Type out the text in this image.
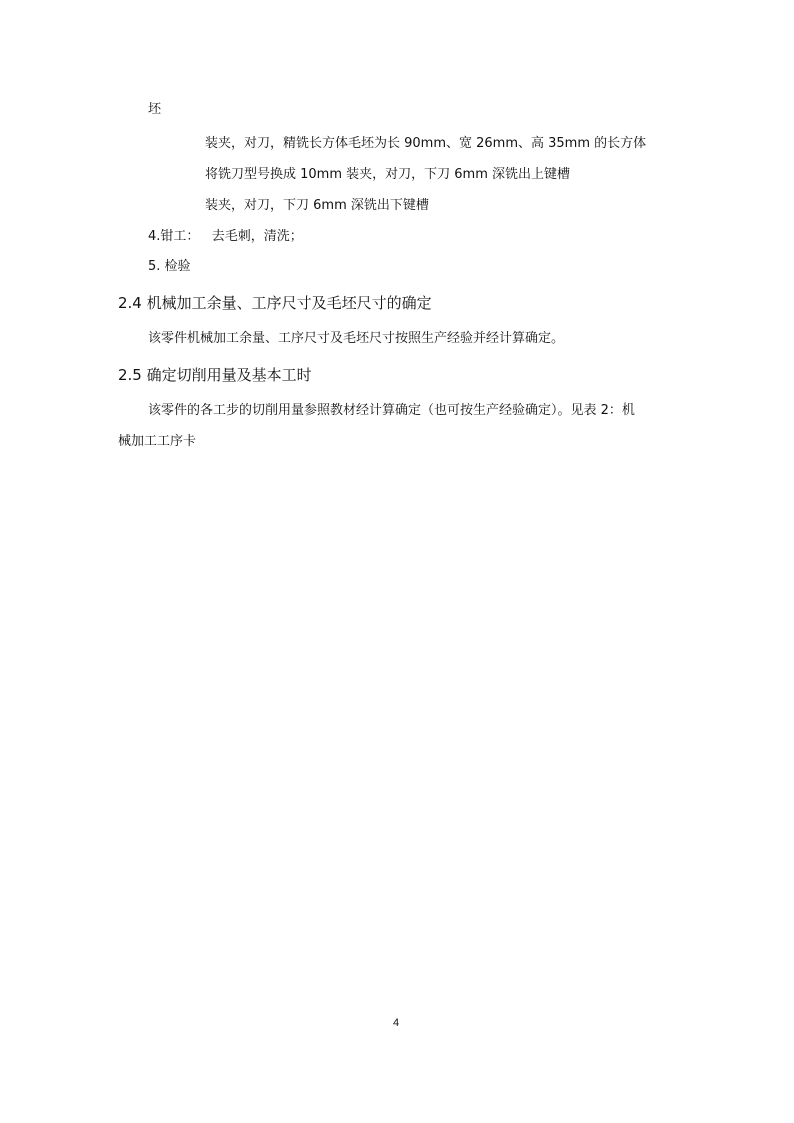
坯
装夹，对刀，精铣长方体毛坯为长 90mm、宽 26mm、高 35mm 的长方体
将铣刀型号换成 10mm 装夹，对刀，下刀 6mm 深铣出上键槽
装夹，对刀，下刀 6mm 深铣出下键槽
4.钳工：   去毛刺，清洗；
5. 检验
2.4 机械加工余量、工序尺寸及毛坯尺寸的确定
该零件机械加工余量、工序尺寸及毛坯尺寸按照生产经验并经计算确定。
2.5 确定切削用量及基本工时
该零件的各工步的切削用量参照教材经计算确定（也可按生产经验确定）。见表 2：机
械加工工序卡
4
